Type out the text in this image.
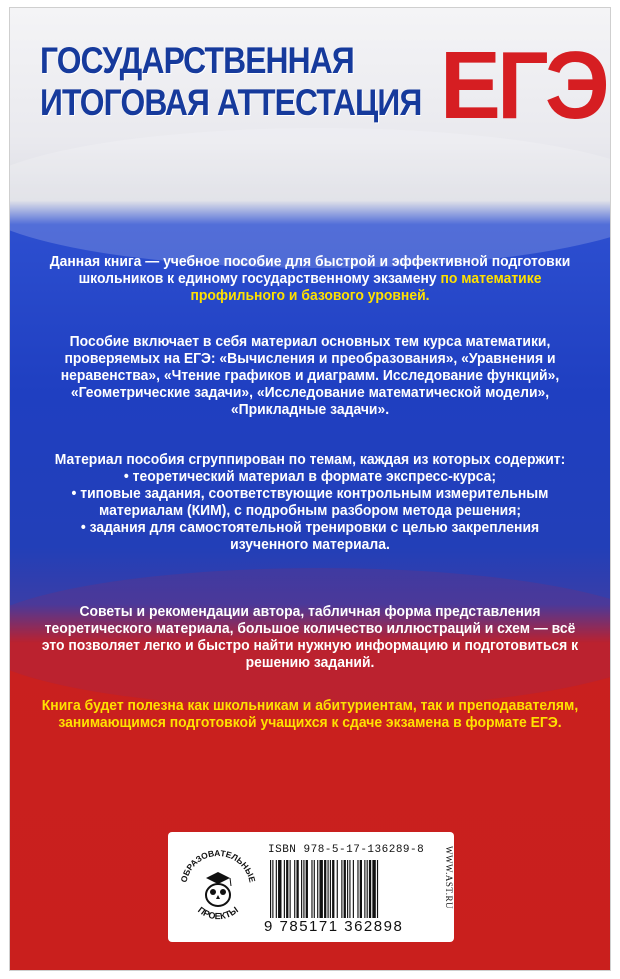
ГОСУДАРСТВЕННАЯ
ИТОГОВАЯ АТТЕСТАЦИЯ ЕГЭ
Данная книга — учебное пособие для быстрой и эффективной подготовки школьников к единому государственному экзамену по математике профильного и базового уровней.
Пособие включает в себя материал основных тем курса математики, проверяемых на ЕГЭ: «Вычисления и преобразования», «Уравнения и неравенства», «Чтение графиков и диаграмм. Исследование функций», «Геометрические задачи», «Исследование математической модели», «Прикладные задачи».
Материал пособия сгруппирован по темам, каждая из которых содержит:
• теоретический материал в формате экспресс-курса;
• типовые задания, соответствующие контрольным измерительным материалам (КИМ), с подробным разбором метода решения;
• задания для самостоятельной тренировки с целью закрепления изученного материала.
Советы и рекомендации автора, табличная форма представления теоретического материала, большое количество иллюстраций и схем — всё это позволяет легко и быстро найти нужную информацию и подготовиться к решению заданий.
Книга будет полезна как школьникам и абитуриентам, так и преподавателям, занимающимся подготовкой учащихся к сдаче экзамена в формате ЕГЭ.
ОБРАЗОВАТЕЛЬНЫЕ
ПРОЕКТЫ
ISBN 978-5-17-136289-8
9 785171 362898
WWW.AST.RU
